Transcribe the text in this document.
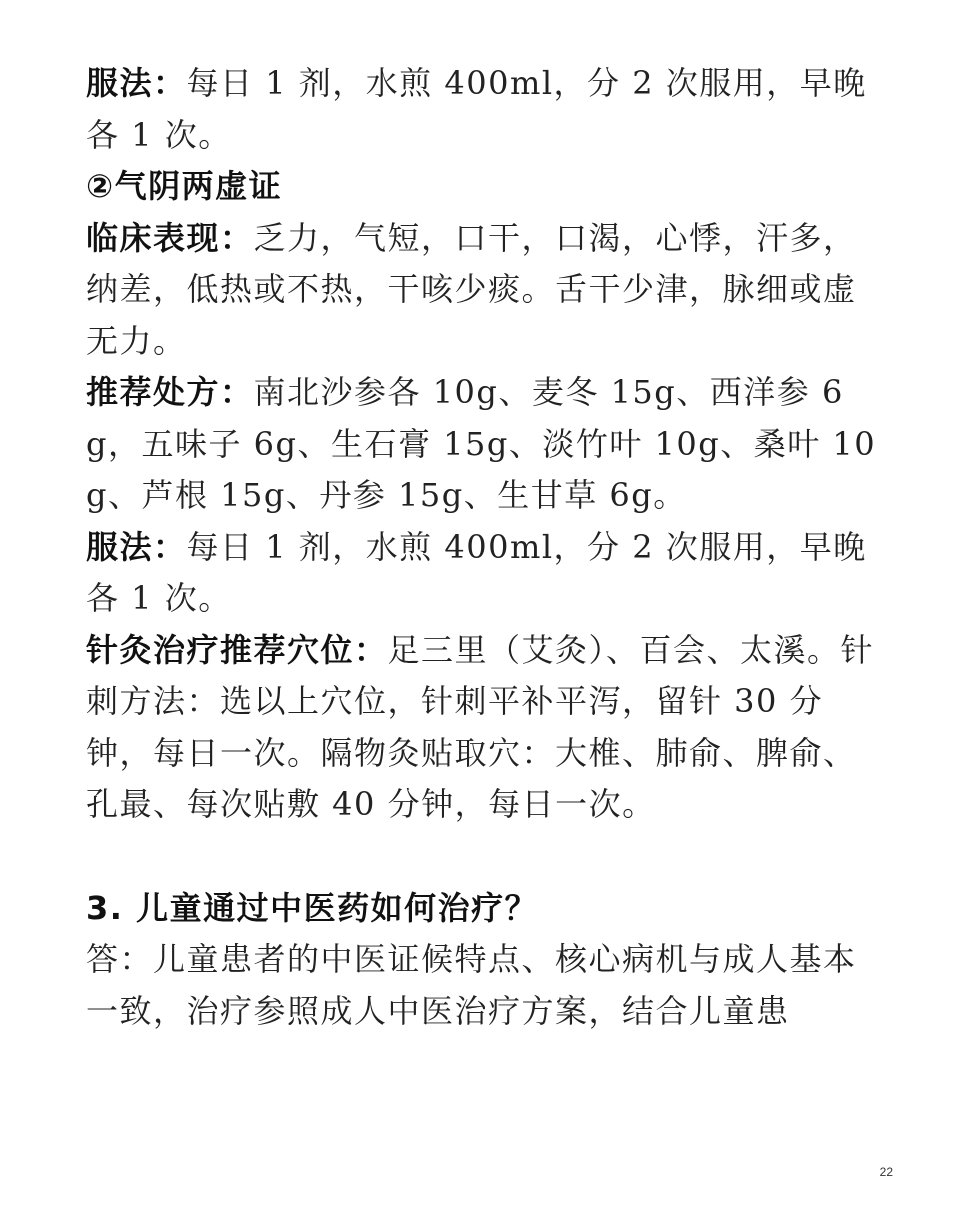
服法：每日 1 剂，水煎 400ml，分 2 次服用，早晚各 1 次。

②气阴两虚证

临床表现：乏力，气短，口干，口渴，心悸，汗多，纳差，低热或不热，干咳少痰。舌干少津，脉细或虚无力。

推荐处方：南北沙参各 10g、麦冬 15g、西洋参 6g，五味子 6g、生石膏 15g、淡竹叶 10g、桑叶 10g、芦根 15g、丹参 15g、生甘草 6g。

服法：每日 1 剂，水煎 400ml，分 2 次服用，早晚各 1 次。

针灸治疗推荐穴位：足三里（艾灸）、百会、太溪。针刺方法：选以上穴位，针刺平补平泻，留针 30 分钟，每日一次。隔物灸贴取穴：大椎、肺俞、脾俞、孔最、每次贴敷 40 分钟，每日一次。

3. 儿童通过中医药如何治疗？

答：儿童患者的中医证候特点、核心病机与成人基本一致，治疗参照成人中医治疗方案，结合儿童患

22
